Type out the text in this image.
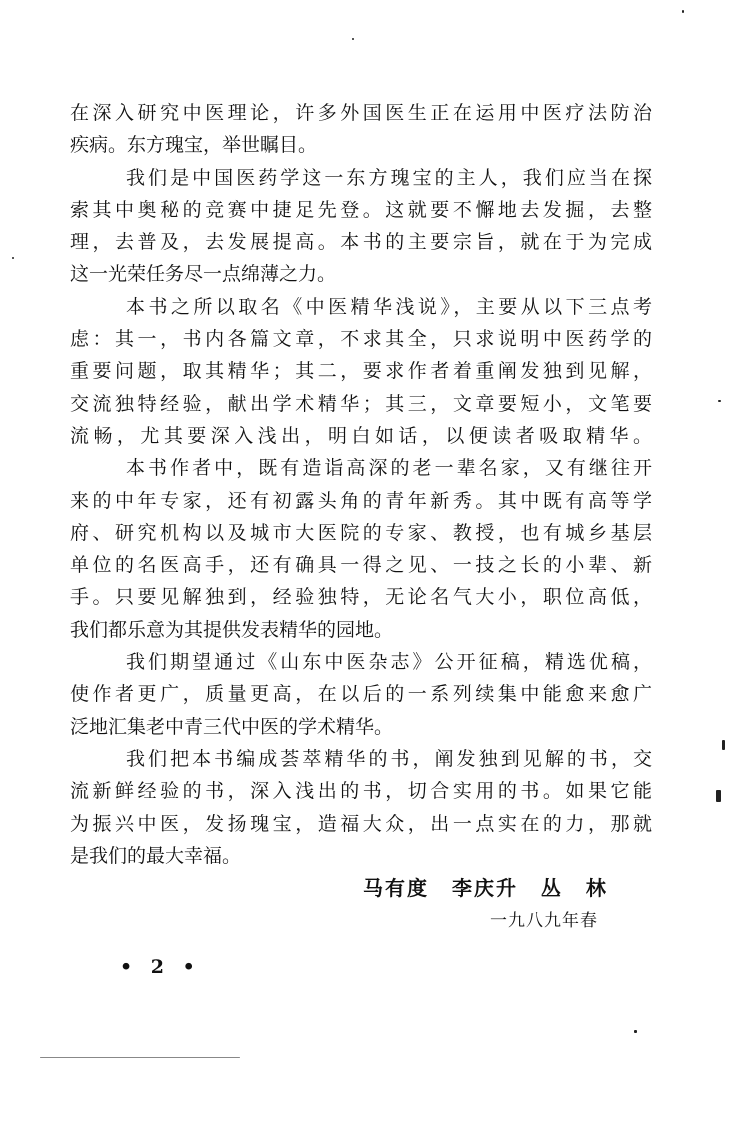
在深入研究中医理论，许多外国医生正在运用中医疗法防治
疾病。东方瑰宝，举世瞩目。
我们是中国医药学这一东方瑰宝的主人，我们应当在探
索其中奥秘的竞赛中捷足先登。这就要不懈地去发掘，去整
理，去普及，去发展提高。本书的主要宗旨，就在于为完成
这一光荣任务尽一点绵薄之力。
本书之所以取名《中医精华浅说》，主要从以下三点考
虑：其一，书内各篇文章，不求其全，只求说明中医药学的
重要问题，取其精华；其二，要求作者着重阐发独到见解，
交流独特经验，献出学术精华；其三，文章要短小，文笔要
流畅，尤其要深入浅出，明白如话，以便读者吸取精华。
本书作者中，既有造诣高深的老一辈名家，又有继往开
来的中年专家，还有初露头角的青年新秀。其中既有高等学
府、研究机构以及城市大医院的专家、教授，也有城乡基层
单位的名医高手，还有确具一得之见、一技之长的小辈、新
手。只要见解独到，经验独特，无论名气大小，职位高低，
我们都乐意为其提供发表精华的园地。
我们期望通过《山东中医杂志》公开征稿，精选优稿，
使作者更广，质量更高，在以后的一系列续集中能愈来愈广
泛地汇集老中青三代中医的学术精华。
我们把本书编成荟萃精华的书，阐发独到见解的书，交
流新鲜经验的书，深入浅出的书，切合实用的书。如果它能
为振兴中医，发扬瑰宝，造福大众，出一点实在的力，那就
是我们的最大幸福。
马有度 李庆升 丛 林
一九八九年春
• 2 •
